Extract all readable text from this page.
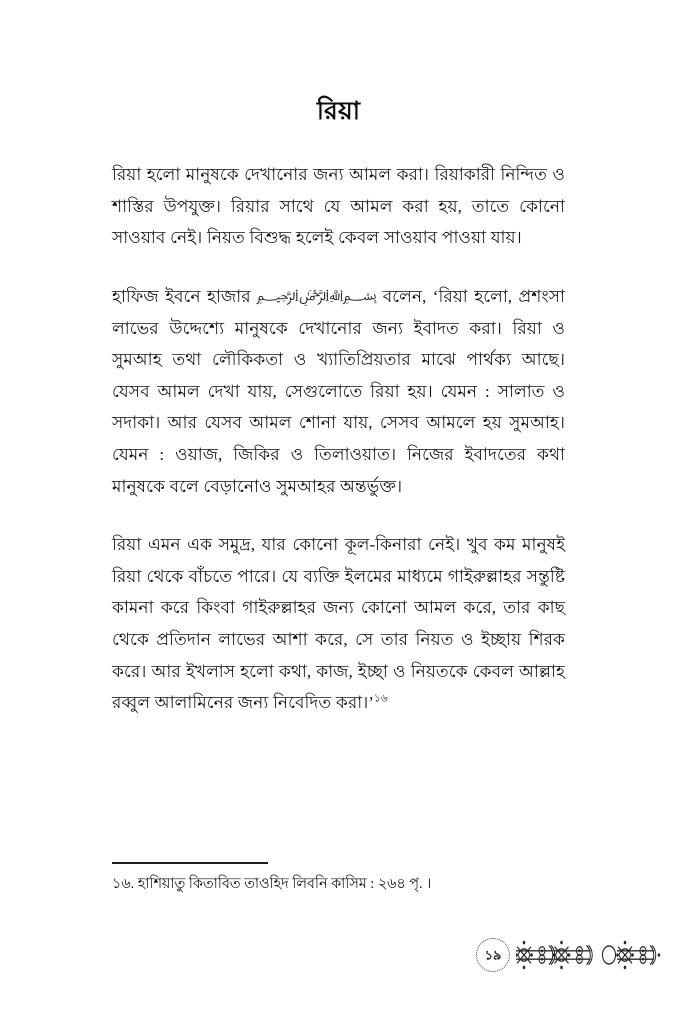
রিয়া

রিয়া হলো মানুষকে দেখানোর জন্য আমল করা। রিয়াকারী নিন্দিত ও শাস্তির উপযুক্ত। রিয়ার সাথে যে আমল করা হয়, তাতে কোনো সাওয়াব নেই। নিয়ত বিশুদ্ধ হলেই কেবল সাওয়াব পাওয়া যায়।

হাফিজ ইবনে হাজার ﷽ বলেন, ‘রিয়া হলো, প্রশংসা লাভের উদ্দেশ্যে মানুষকে দেখানোর জন্য ইবাদত করা। রিয়া ও সুমআহ তথা লৌকিকতা ও খ্যাতিপ্রিয়তার মাঝে পার্থক্য আছে। যেসব আমল দেখা যায়, সেগুলোতে রিয়া হয়। যেমন : সালাত ও সদাকা। আর যেসব আমল শোনা যায়, সেসব আমলে হয় সুমআহ। যেমন : ওয়াজ, জিকির ও তিলাওয়াত। নিজের ইবাদতের কথা মানুষকে বলে বেড়ানোও সুমআহর অন্তর্ভুক্ত।

রিয়া এমন এক সমুদ্র, যার কোনো কূল-কিনারা নেই। খুব কম মানুষই রিয়া থেকে বাঁচতে পারে। যে ব্যক্তি ইলমের মাধ্যমে গাইরুল্লাহর সন্তুষ্টি কামনা করে কিংবা গাইরুল্লাহর জন্য কোনো আমল করে, তার কাছ থেকে প্রতিদান লাভের আশা করে, সে তার নিয়ত ও ইচ্ছায় শিরক করে। আর ইখলাস হলো কথা, কাজ, ইচ্ছা ও নিয়তকে কেবল আল্লাহ রব্বুল আলামিনের জন্য নিবেদিত করা।’$^{১৬}$

১৬. হাশিয়াতু কিতাবিত তাওহিদ লিবনি কাসিম : ২৬৪ পৃ. ।

১৯
